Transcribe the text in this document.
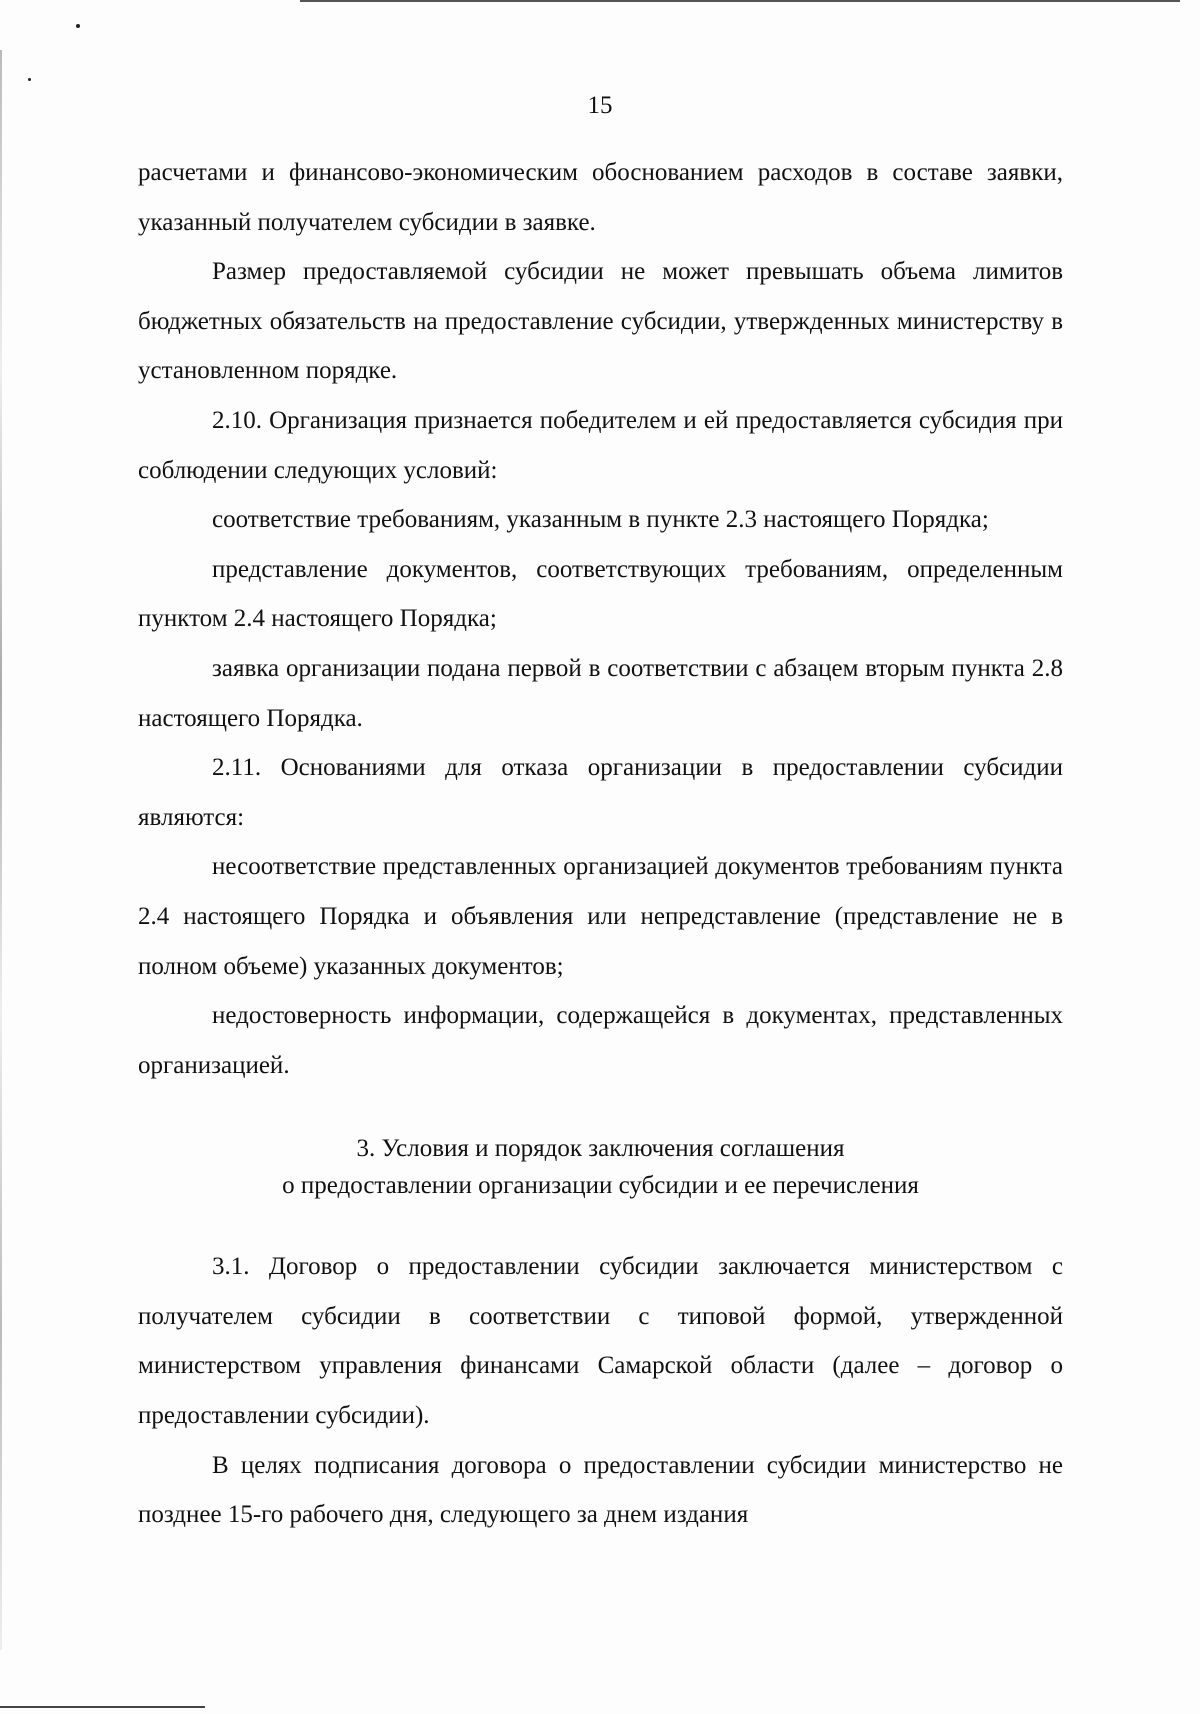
15

расчетами и финансово-экономическим обоснованием расходов в составе заявки, указанный получателем субсидии в заявке.

Размер предоставляемой субсидии не может превышать объема лимитов бюджетных обязательств на предоставление субсидии, утвержденных министерству в установленном порядке.

2.10. Организация признается победителем и ей предоставляется субсидия при соблюдении следующих условий:

соответствие требованиям, указанным в пункте 2.3 настоящего Порядка;

представление документов, соответствующих требованиям, определенным пунктом 2.4 настоящего Порядка;

заявка организации подана первой в соответствии с абзацем вторым пункта 2.8 настоящего Порядка.

2.11. Основаниями для отказа организации в предоставлении субсидии являются:

несоответствие представленных организацией документов требованиям пункта 2.4 настоящего Порядка и объявления или непредставление (представление не в полном объеме) указанных документов;

недостоверность информации, содержащейся в документах, представленных организацией.

3. Условия и порядок заключения соглашения

о предоставлении организации субсидии и ее перечисления

3.1. Договор о предоставлении субсидии заключается министерством с получателем субсидии в соответствии с типовой формой, утвержденной министерством управления финансами Самарской области (далее – договор о предоставлении субсидии).

В целях подписания договора о предоставлении субсидии министерство не позднее 15-го рабочего дня, следующего за днем издания
